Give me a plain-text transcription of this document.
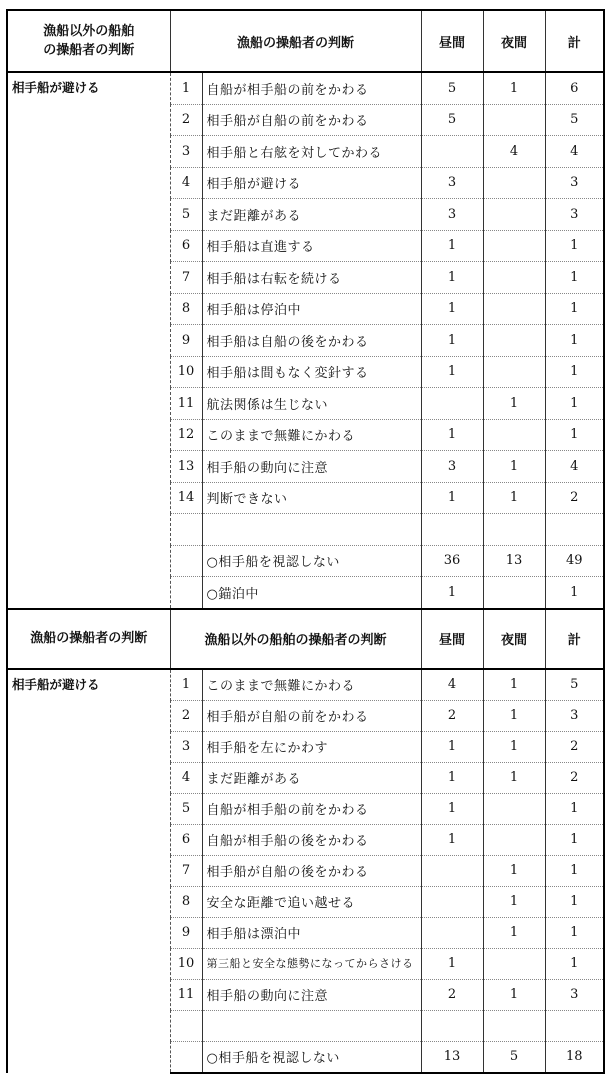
漁船以外の船舶
の操船者の判断	漁船の操船者の判断		昼間	夜間	計
相手船が避ける	1	自船が相手船の前をかわる	5	1	6
	2	相手船が自船の前をかわる	5		5
	3	相手船と右舷を対してかわる		4	4
	4	相手船が避ける	3		3
	5	まだ距離がある	3		3
	6	相手船は直進する	1		1
	7	相手船は右転を続ける	1		1
	8	相手船は停泊中	1		1
	9	相手船は自船の後をかわる	1		1
	10	相手船は間もなく変針する	1		1
	11	航法関係は生じない		1	1
	12	このままで無難にかわる	1		1
	13	相手船の動向に注意	3	1	4
	14	判断できない	1	1	2

		○相手船を視認しない	36	13	49
		○錨泊中	1		1
漁船の操船者の判断	漁船以外の船舶の操船者の判断		昼間	夜間	計
相手船が避ける	1	このままで無難にかわる	4	1	5
	2	相手船が自船の前をかわる	2	1	3
	3	相手船を左にかわす	1	1	2
	4	まだ距離がある	1	1	2
	5	自船が相手船の前をかわる	1		1
	6	自船が相手船の後をかわる	1		1
	7	相手船が自船の後をかわる		1	1
	8	安全な距離で追い越せる		1	1
	9	相手船は漂泊中		1	1
	10	第三船と安全な態勢になってからさける	1		1
	11	相手船の動向に注意	2	1	3

		○相手船を視認しない	13	5	18
